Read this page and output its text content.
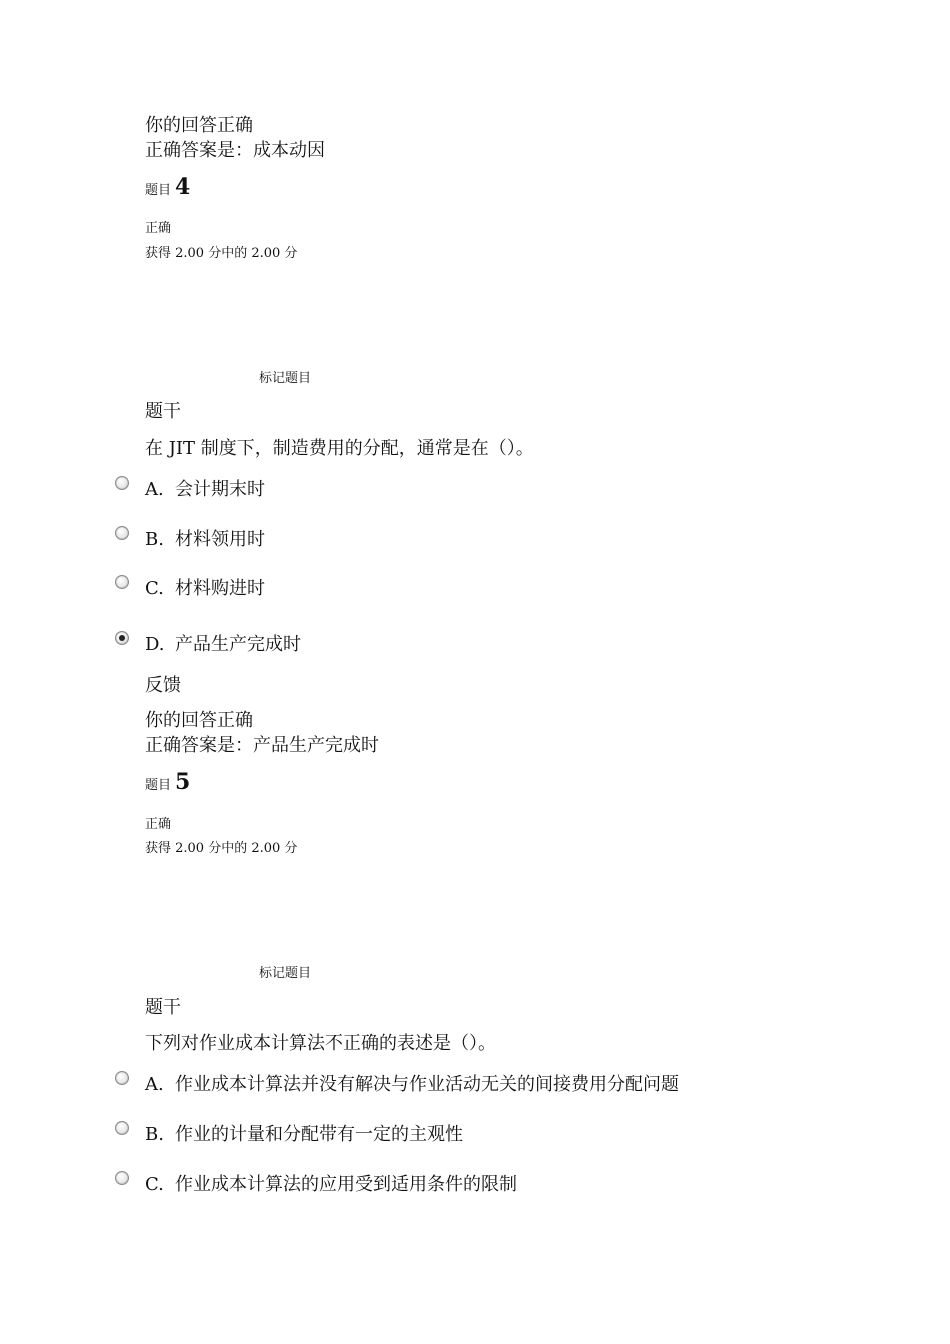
你的回答正确
正确答案是：成本动因
题目 4
正确
获得 2.00 分中的 2.00 分
标记题目
题干
在 JIT 制度下，制造费用的分配，通常是在（）。
A. 会计期末时
B. 材料领用时
C. 材料购进时
D. 产品生产完成时
反馈
你的回答正确
正确答案是：产品生产完成时
题目 5
正确
获得 2.00 分中的 2.00 分
标记题目
题干
下列对作业成本计算法不正确的表述是（）。
A. 作业成本计算法并没有解决与作业活动无关的间接费用分配问题
B. 作业的计量和分配带有一定的主观性
C. 作业成本计算法的应用受到适用条件的限制
